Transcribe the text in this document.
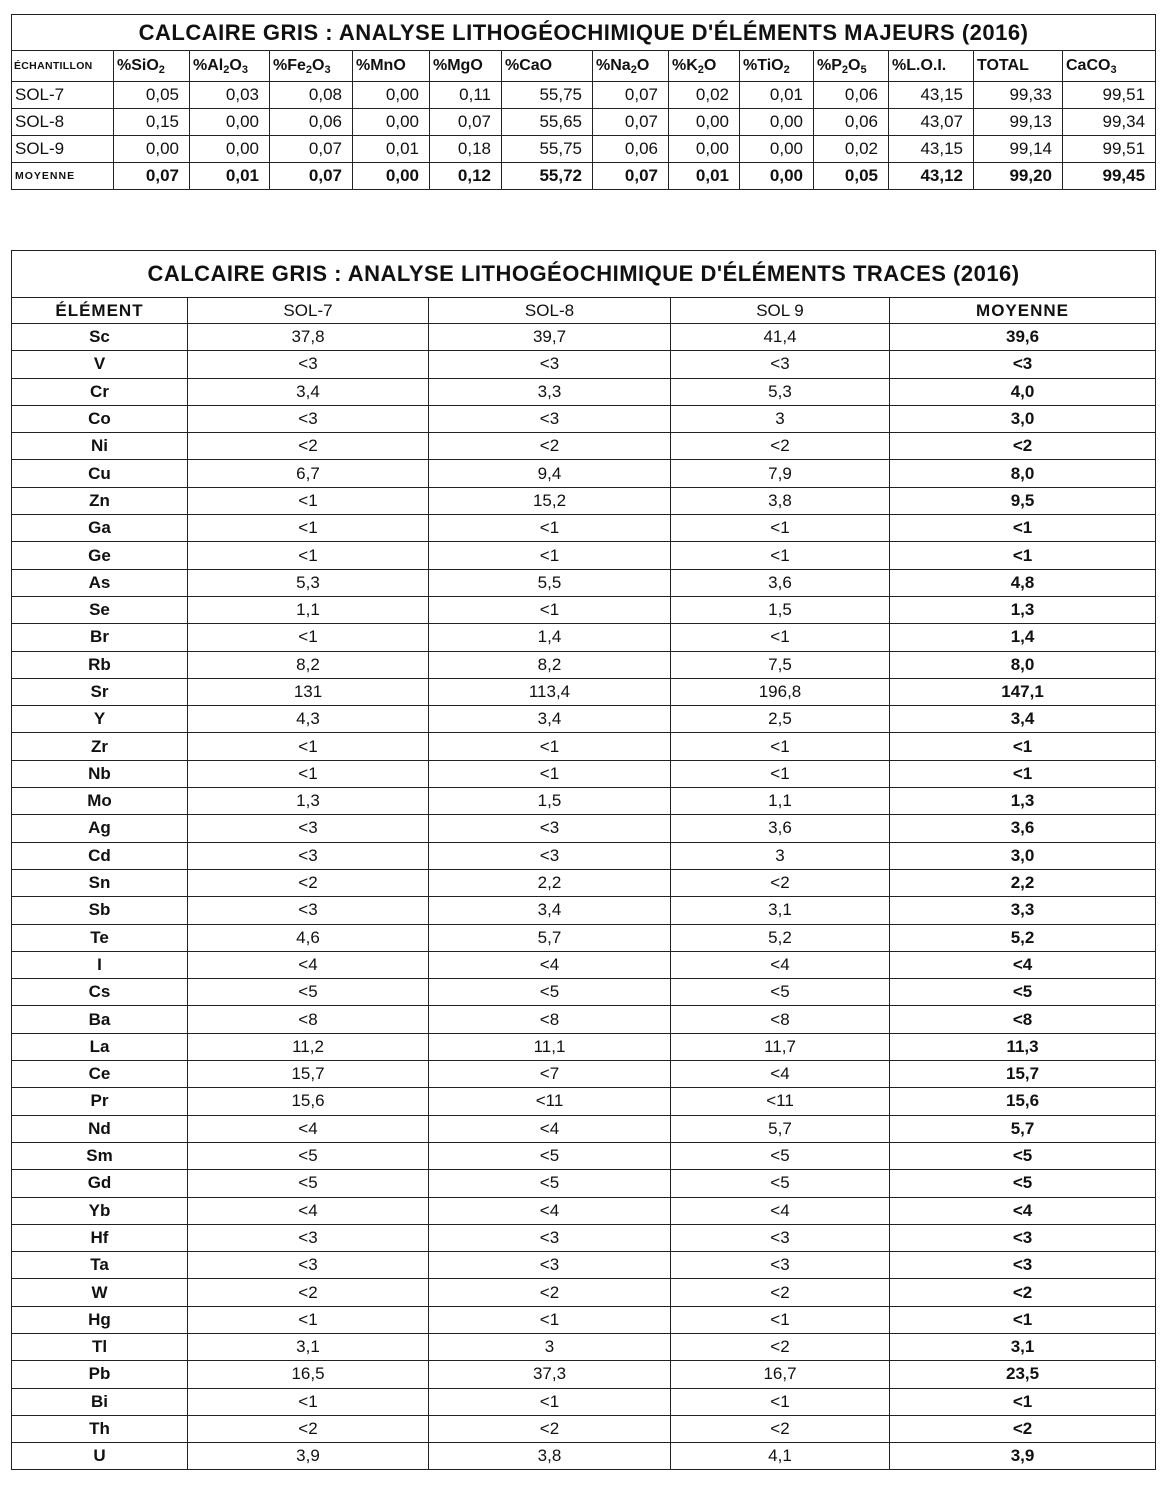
CALCAIRE GRIS : ANALYSE LITHOGÉOCHIMIQUE D'ÉLÉMENTS MAJEURS (2016)													
ÉCHANTILLON	%SiO$_2$	$\%Al_2O_3$	$\%Fe_2O_3$	%MnO	%MgO	%CaO	$\%Na_2O$	$\%K_2O$	%TiO$_2$	$\%P_2O_5$	%L.O.I.	TOTAL	CaCO$_3$
SOL-7	0,05	0,03	0,08	0,00	0,11	55,75	0,07	0,02	0,01	0,06	43,15	99,33	99,51
SOL-8	0,15	0,00	0,06	0,00	0,07	55,65	0,07	0,00	0,00	0,06	43,07	99,13	99,34
SOL-9	0,00	0,00	0,07	0,01	0,18	55,75	0,06	0,00	0,00	0,02	43,15	99,14	99,51
MOYENNE	0,07	0,01	0,07	0,00	0,12	55,72	0,07	0,01	0,00	0,05	43,12	99,20	99,45
CALCAIRE GRIS : ANALYSE LITHOGÉOCHIMIQUE D'ÉLÉMENTS TRACES (2016)				
ÉLÉMENT	SOL-7	SOL-8	SOL 9	MOYENNE
Sc	37,8	39,7	41,4	39,6
V	<3	<3	<3	<3
Cr	3,4	3,3	5,3	4,0
Co	<3	<3	3	3,0
Ni	<2	<2	<2	<2
Cu	6,7	9,4	7,9	8,0
Zn	<1	15,2	3,8	9,5
Ga	<1	<1	<1	<1
Ge	<1	<1	<1	<1
As	5,3	5,5	3,6	4,8
Se	1,1	<1	1,5	1,3
Br	<1	1,4	<1	1,4
Rb	8,2	8,2	7,5	8,0
Sr	131	113,4	196,8	147,1
Y	4,3	3,4	2,5	3,4
Zr	<1	<1	<1	<1
Nb	<1	<1	<1	<1
Mo	1,3	1,5	1,1	1,3
Ag	<3	<3	3,6	3,6
Cd	<3	<3	3	3,0
Sn	<2	2,2	<2	2,2
Sb	<3	3,4	3,1	3,3
Te	4,6	5,7	5,2	5,2
I	<4	<4	<4	<4
Cs	<5	<5	<5	<5
Ba	<8	<8	<8	<8
La	11,2	11,1	11,7	11,3
Ce	15,7	<7	<4	15,7
Pr	15,6	<11	<11	15,6
Nd	<4	<4	5,7	5,7
Sm	<5	<5	<5	<5
Gd	<5	<5	<5	<5
Yb	<4	<4	<4	<4
Hf	<3	<3	<3	<3
Ta	<3	<3	<3	<3
W	<2	<2	<2	<2
Hg	<1	<1	<1	<1
Tl	3,1	3	<2	3,1
Pb	16,5	37,3	16,7	23,5
Bi	<1	<1	<1	<1
Th	<2	<2	<2	<2
U	3,9	3,8	4,1	3,9
